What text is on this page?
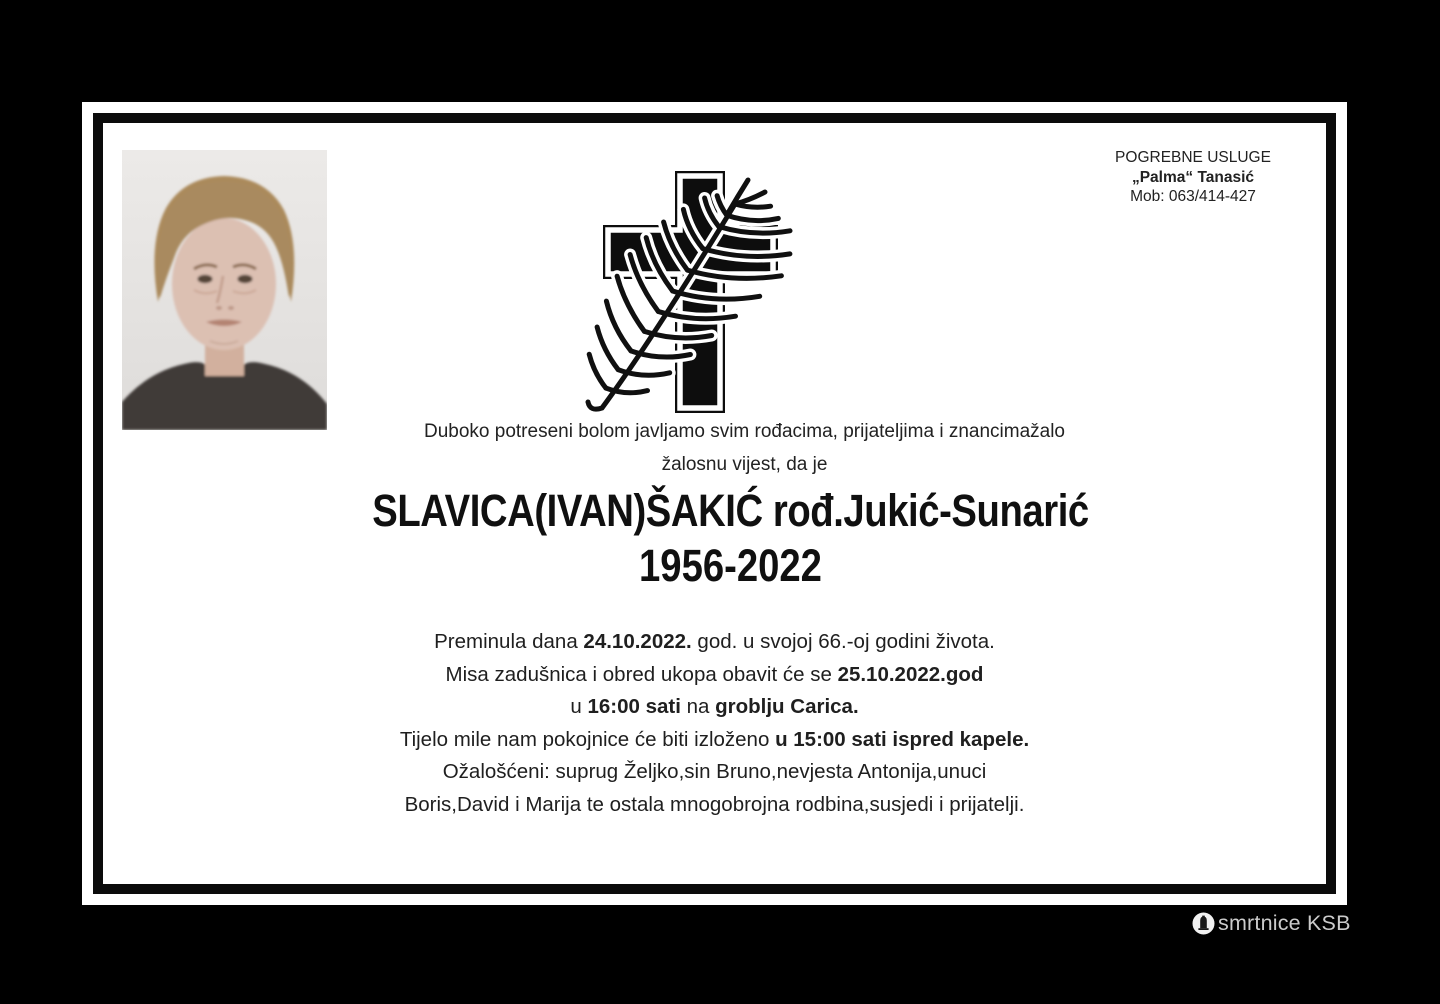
POGREBNE USLUGE
„Palma“ Tanasić
Mob: 063/414-427
Duboko potreseni bolom javljamo svim rođacima, prijateljima i znancimažalo
žalosnu vijest, da je
SLAVICA(IVAN)ŠAKIĆ rođ.Jukić-Sunarić
1956-2022
Preminula dana 24.10.2022. god. u svojoj 66.-oj godini života.
Misa zadušnica i obred ukopa obavit će se 25.10.2022.god
u 16:00 sati na groblju Carica.
Tijelo mile nam pokojnice će biti izloženo u 15:00 sati ispred kapele.
Ožalošćeni: suprug Željko,sin Bruno,nevjesta Antonija,unuci
Boris,David i Marija te ostala mnogobrojna rodbina,susjedi i prijatelji.
smrtnice KSB
